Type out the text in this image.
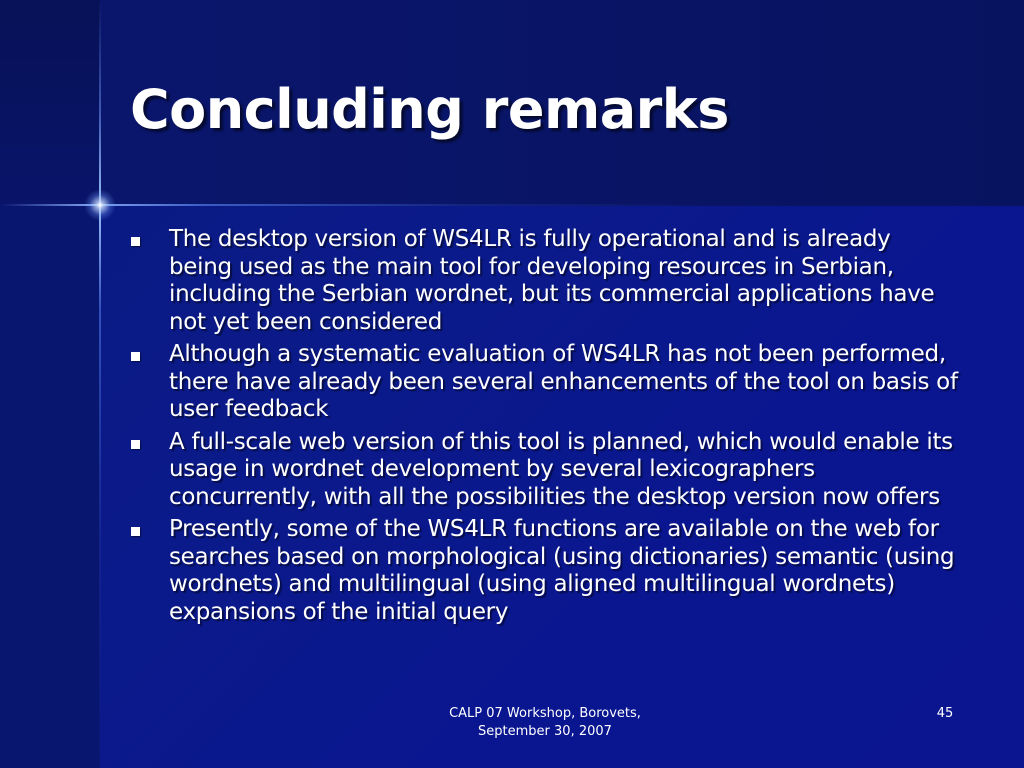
Concluding remarks
The desktop version of WS4LR is fully operational and is already being used as the main tool for developing resources in Serbian, including the Serbian wordnet, but its commercial applications have not yet been considered
Although a systematic evaluation of WS4LR has not been performed, there have already been several enhancements of the tool on basis of user feedback
A full-scale web version of this tool is planned, which would enable its usage in wordnet development by several lexicographers concurrently, with all the possibilities the desktop version now offers
Presently, some of the WS4LR functions are available on the web for searches based on morphological (using dictionaries) semantic (using wordnets) and multilingual (using aligned multilingual wordnets) expansions of the initial query
CALP 07 Workshop, Borovets,
September 30, 2007
45
